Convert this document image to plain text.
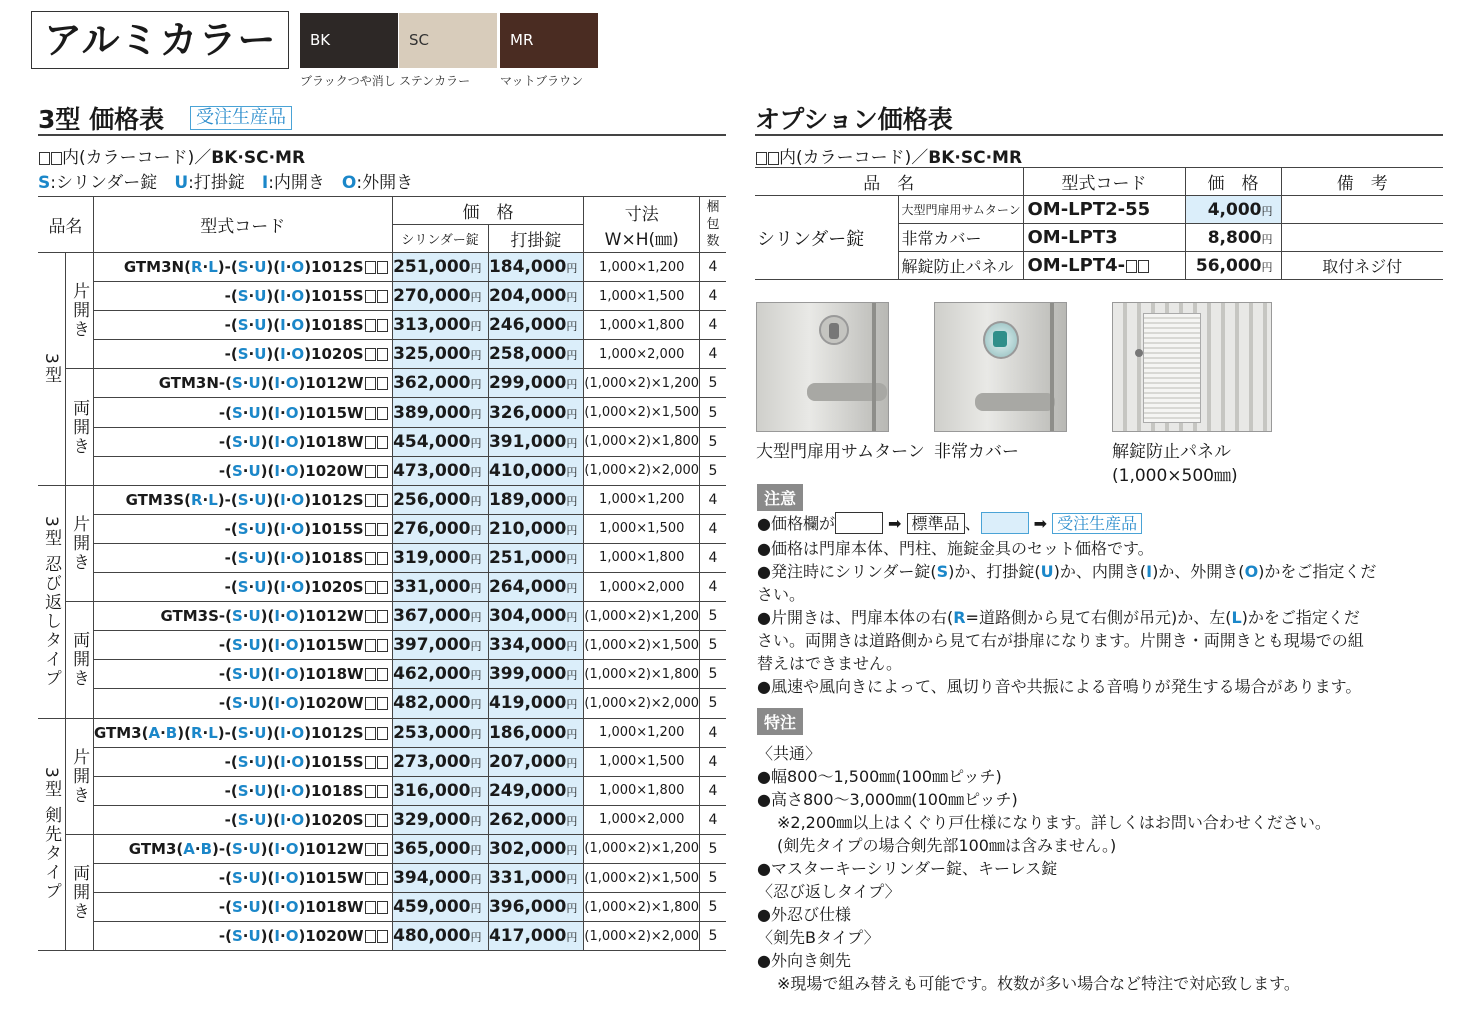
アルミカラー	BK
ブラックつや消し
SC
ステンカラー
MR
マットブラウン
3型 価格表	受注生産品
内(カラーコード)／BK·SC·MR
S:シリンダー錠　U:打掛錠　I:内開き　O:外開き　
品名		型式コード	価　格		寸法
W×H(㎜)	梱包数
			シリンダー錠	打掛錠		
3型	片開き	GTM3N(R·L)-(S·U)(I·O)1012S	251,000円	184,000円	1,000×1,200	4
		-(S·U)(I·O)1015S	270,000円	204,000円	1,000×1,500	4
		-(S·U)(I·O)1018S	313,000円	246,000円	1,000×1,800	4
		-(S·U)(I·O)1020S	325,000円	258,000円	1,000×2,000	4
	両開き	GTM3N-(S·U)(I·O)1012W	362,000円	299,000円	(1,000×2)×1,200	5
		-(S·U)(I·O)1015W	389,000円	326,000円	(1,000×2)×1,500	5
		-(S·U)(I·O)1018W	454,000円	391,000円	(1,000×2)×1,800	5
		-(S·U)(I·O)1020W	473,000円	410,000円	(1,000×2)×2,000	5
3型 忍び返しタイプ	片開き	GTM3S(R·L)-(S·U)(I·O)1012S	256,000円	189,000円	1,000×1,200	4
		-(S·U)(I·O)1015S	276,000円	210,000円	1,000×1,500	4
		-(S·U)(I·O)1018S	319,000円	251,000円	1,000×1,800	4
		-(S·U)(I·O)1020S	331,000円	264,000円	1,000×2,000	4
	両開き	GTM3S-(S·U)(I·O)1012W	367,000円	304,000円	(1,000×2)×1,200	5
		-(S·U)(I·O)1015W	397,000円	334,000円	(1,000×2)×1,500	5
		-(S·U)(I·O)1018W	462,000円	399,000円	(1,000×2)×1,800	5
		-(S·U)(I·O)1020W	482,000円	419,000円	(1,000×2)×2,000	5
3型 剣先タイプ	片開き	GTM3(A·B)(R·L)-(S·U)(I·O)1012S	253,000円	186,000円	1,000×1,200	4
		-(S·U)(I·O)1015S	273,000円	207,000円	1,000×1,500	4
		-(S·U)(I·O)1018S	316,000円	249,000円	1,000×1,800	4
		-(S·U)(I·O)1020S	329,000円	262,000円	1,000×2,000	4
	両開き	GTM3(A·B)-(S·U)(I·O)1012W	365,000円	302,000円	(1,000×2)×1,200	5
		-(S·U)(I·O)1015W	394,000円	331,000円	(1,000×2)×1,500	5
		-(S·U)(I·O)1018W	459,000円	396,000円	(1,000×2)×1,800	5
		-(S·U)(I·O)1020W	480,000円	417,000円	(1,000×2)×2,000	5
オプション価格表
内(カラーコード)／BK·SC·MR
品　名		型式コード	価　格	備　考
シリンダー錠	大型門扉用サムターン	OM-LPT2-55	4,000円	
	非常カバー	OM-LPT3	8,800円	
	解錠防止パネル	OM-LPT4-	56,000円	取付ネジ付
大型門扉用サムターン 非常カバー	解錠防止パネル
(1,000×500㎜)
注意
●価格欄が	➡ 標準品 、	➡ 受注生産品
●価格は門扉本体、門柱、施錠金具のセット価格です。
●発注時にシリンダー錠(S)か、打掛錠(U)か、内開き(I)か、外開き(O)かをご指定くだ
さい。
●片開きは、門扉本体の右(R=道路側から見て右側が吊元)か、左(L)かをご指定くだ
さい。両開きは道路側から見て右が掛扉になります。片開き・両開きとも現場での組
替えはできません。
●風速や風向きによって、風切り音や共振による音鳴りが発生する場合があります。
特注
〈共通〉
●幅800～1,500㎜(100㎜ピッチ)
●高さ800～3,000㎜(100㎜ピッチ)
※2,200㎜以上はくぐり戸仕様になります。詳しくはお問い合わせください。
(剣先タイプの場合剣先部100㎜は含みません。)
●マスターキーシリンダー錠、キーレス錠
〈忍び返しタイプ〉
●外忍び仕様
〈剣先Bタイプ〉
●外向き剣先
※現場で組み替えも可能です。枚数が多い場合など特注で対応致します。
